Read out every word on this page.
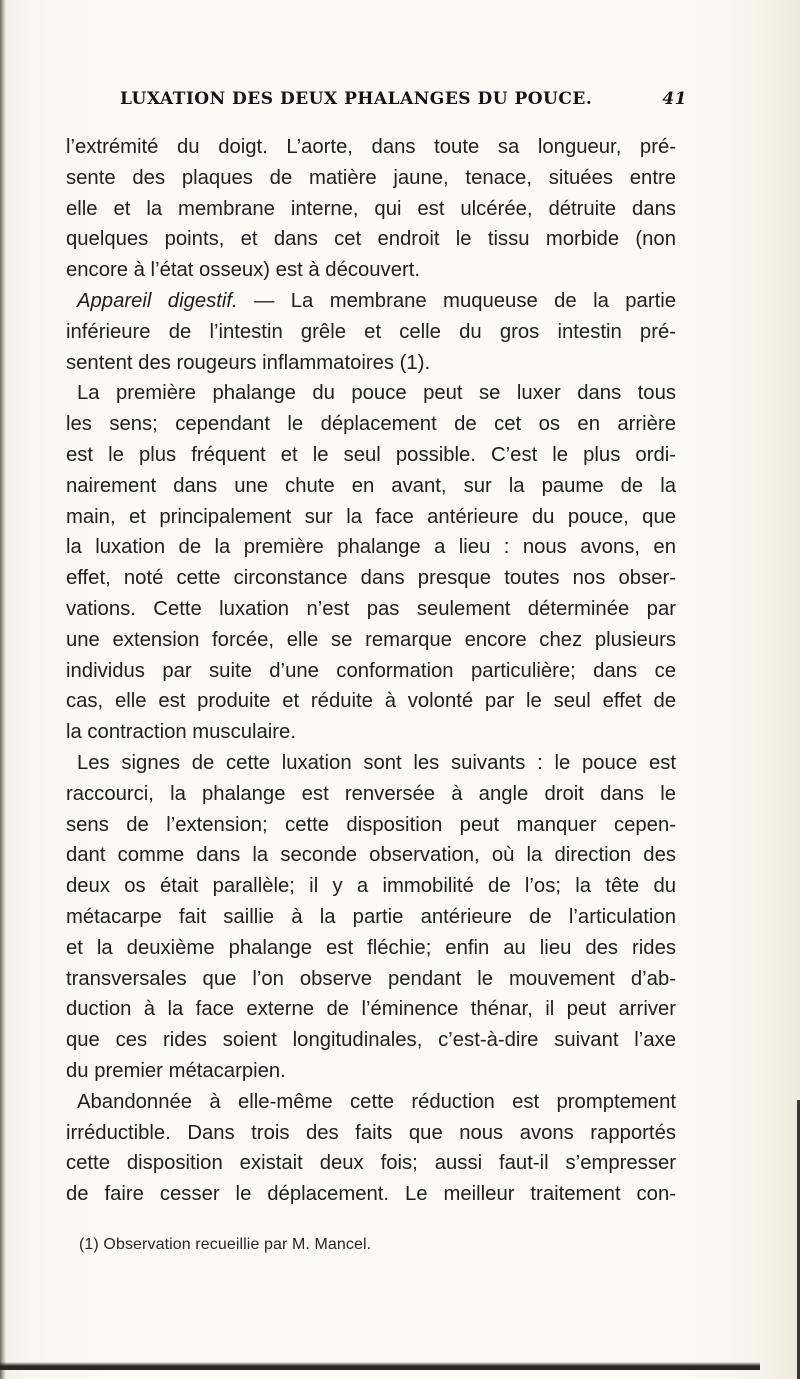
LUXATION DES DEUX PHALANGES DU POUCE.	41
l’extrémité du doigt. L’aorte, dans toute sa longueur, pré-
sente des plaques de matière jaune, tenace, situées entre
elle et la membrane interne, qui est ulcérée, détruite dans
quelques points, et dans cet endroit le tissu morbide (non
encore à l’état osseux) est à découvert.
Appareil digestif. — La membrane muqueuse de la partie
inférieure de l’intestin grêle et celle du gros intestin pré-
sentent des rougeurs inflammatoires (1).
La première phalange du pouce peut se luxer dans tous
les sens; cependant le déplacement de cet os en arrière
est le plus fréquent et le seul possible. C’est le plus ordi-
nairement dans une chute en avant, sur la paume de la
main, et principalement sur la face antérieure du pouce, que
la luxation de la première phalange a lieu : nous avons, en
effet, noté cette circonstance dans presque toutes nos obser-
vations. Cette luxation n’est pas seulement déterminée par
une extension forcée, elle se remarque encore chez plusieurs
individus par suite d’une conformation particulière; dans ce
cas, elle est produite et réduite à volonté par le seul effet de
la contraction musculaire.
Les signes de cette luxation sont les suivants : le pouce est
raccourci, la phalange est renversée à angle droit dans le
sens de l’extension; cette disposition peut manquer cepen-
dant comme dans la seconde observation, où la direction des
deux os était parallèle; il y a immobilité de l’os; la tête du
métacarpe fait saillie à la partie antérieure de l’articulation
et la deuxième phalange est fléchie; enfin au lieu des rides
transversales que l’on observe pendant le mouvement d’ab-
duction à la face externe de l’éminence thénar, il peut arriver
que ces rides soient longitudinales, c’est-à-dire suivant l’axe
du premier métacarpien.
Abandonnée à elle-même cette réduction est promptement
irréductible. Dans trois des faits que nous avons rapportés
cette disposition existait deux fois; aussi faut-il s’empresser
de faire cesser le déplacement. Le meilleur traitement con-
(1) Observation recueillie par M. Mancel.
